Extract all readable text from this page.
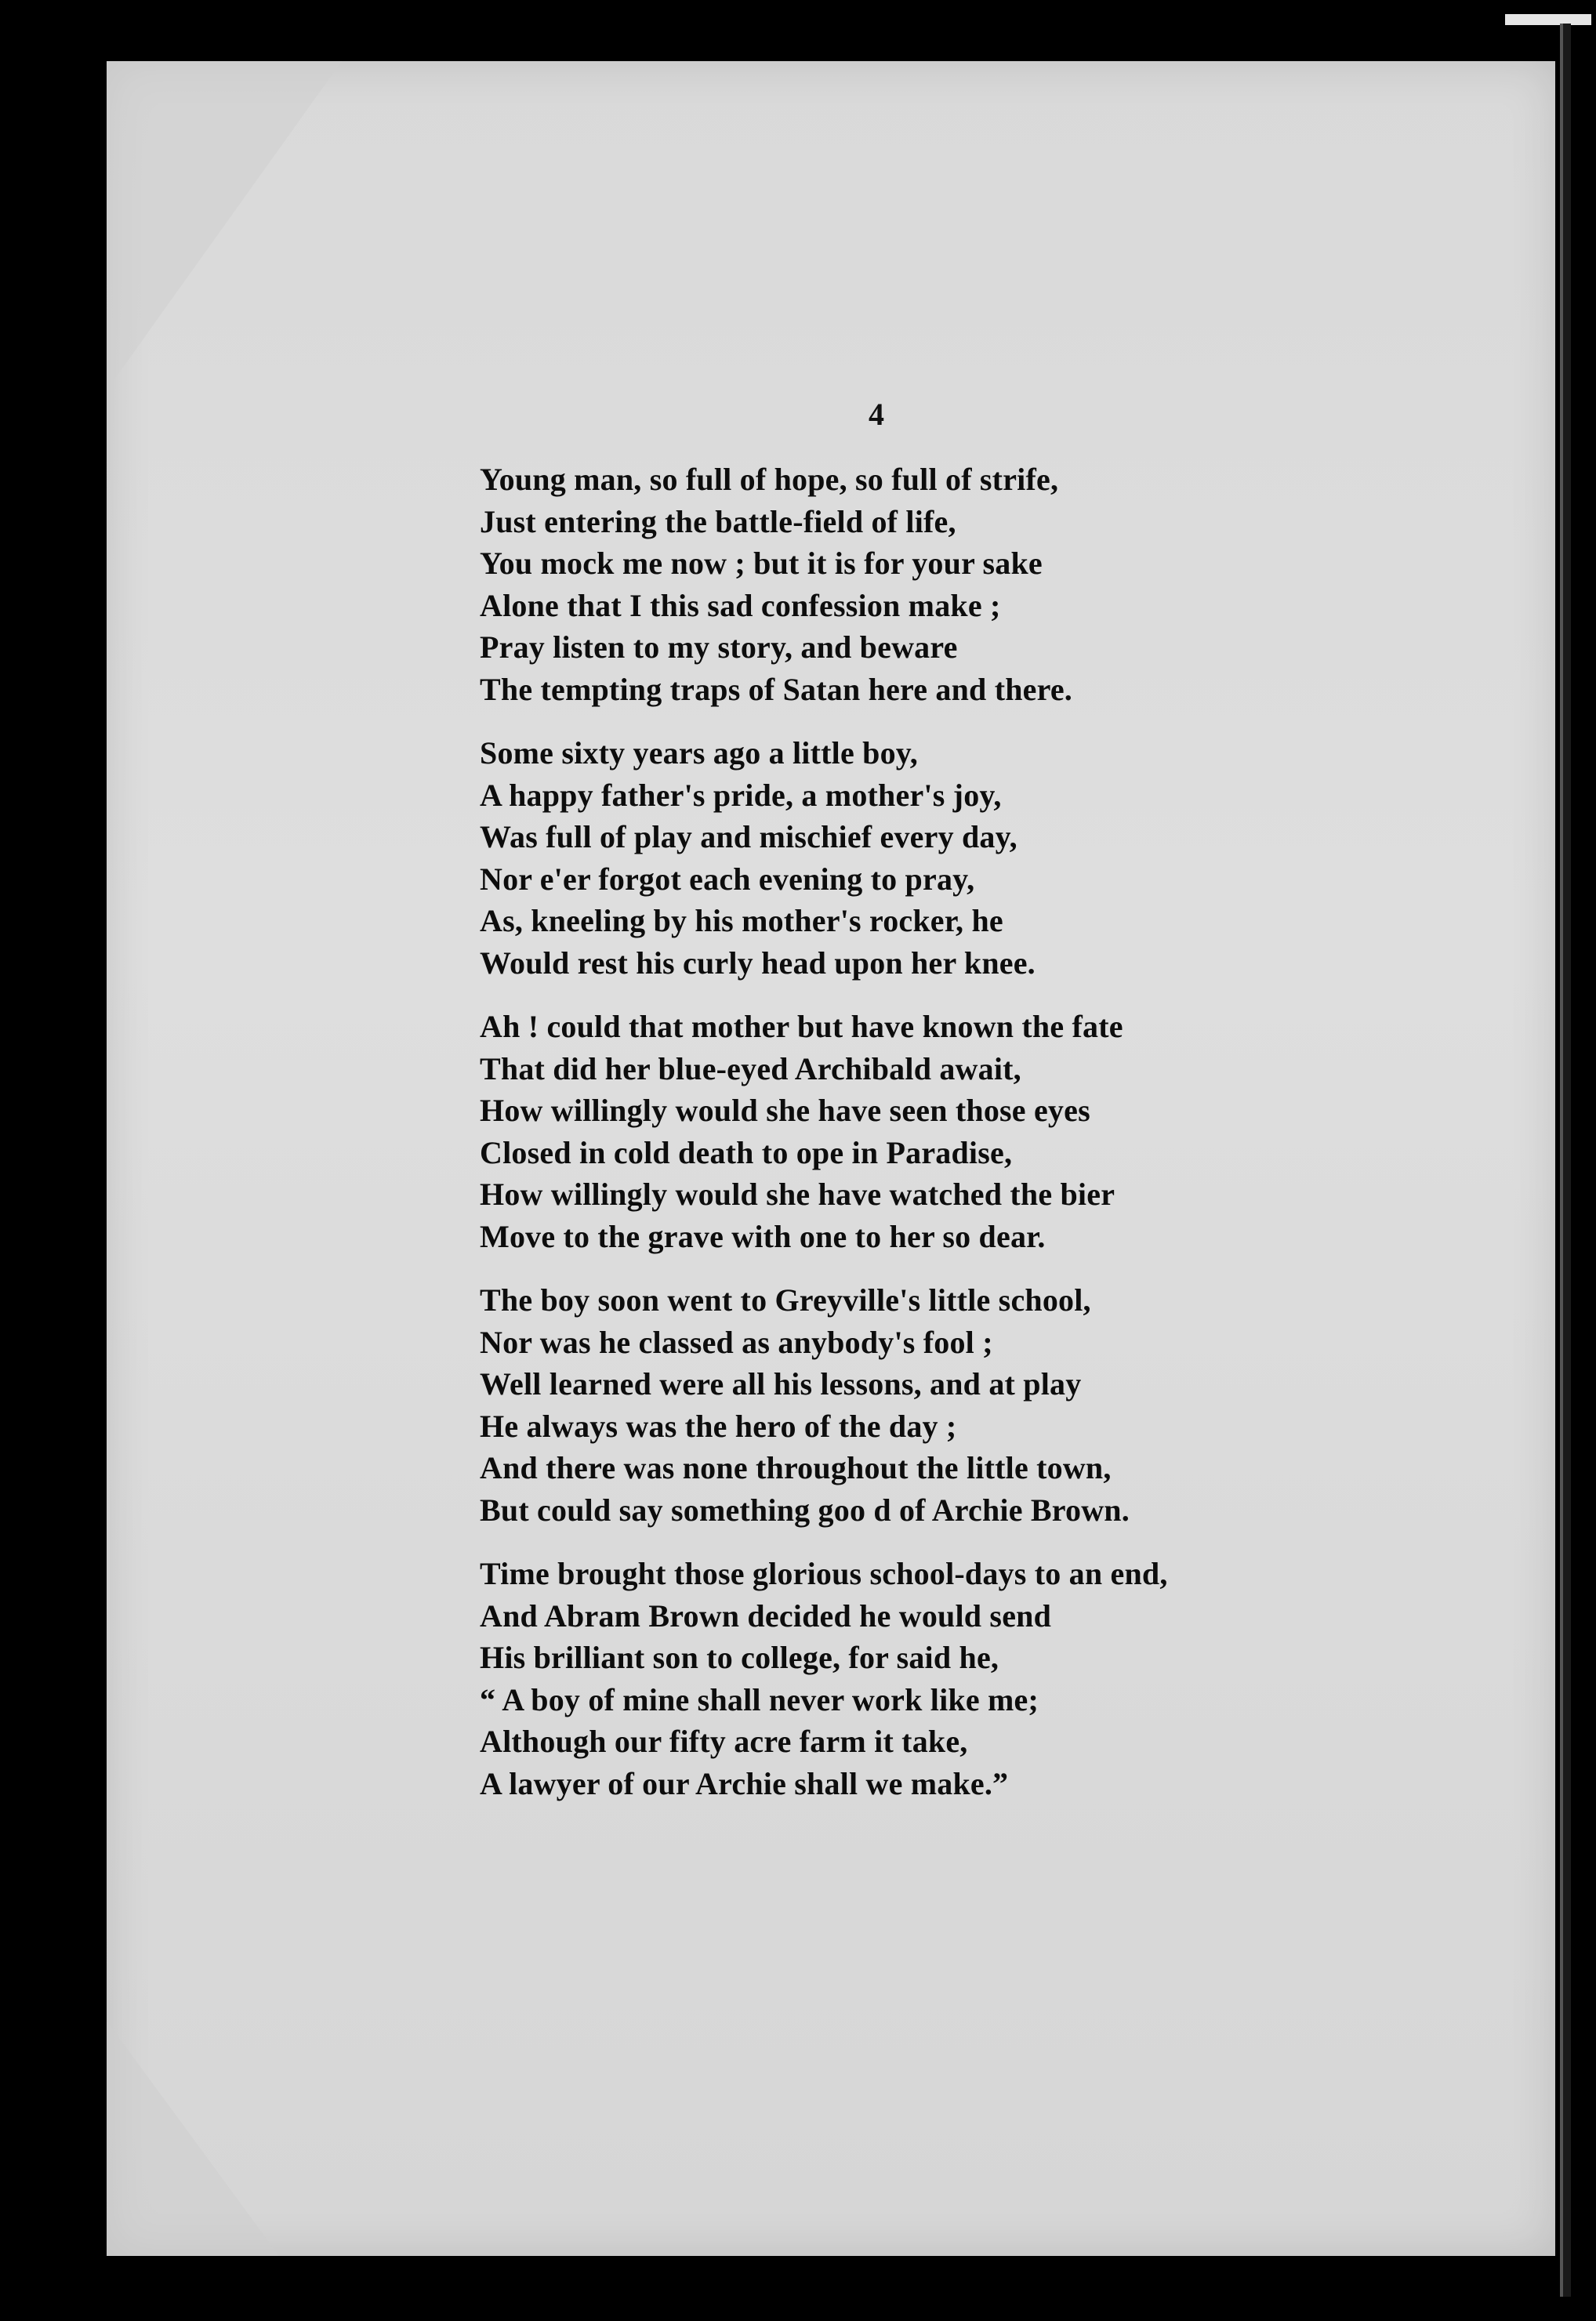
4
Young man, so full of hope, so full of strife,
Just entering the battle-field of life,
You mock me now ; but it is for your sake
Alone that I this sad confession make ;
Pray listen to my story, and beware
The tempting traps of Satan here and there.
Some sixty years ago a little boy,
A happy father's pride, a mother's joy,
Was full of play and mischief every day,
Nor e'er forgot each evening to pray,
As, kneeling by his mother's rocker, he
Would rest his curly head upon her knee.
Ah ! could that mother but have known the fate
That did her blue-eyed Archibald await,
How willingly would she have seen those eyes
Closed in cold death to ope in Paradise,
How willingly would she have watched the bier
Move to the grave with one to her so dear.
The boy soon went to Greyville's little school,
Nor was he classed as anybody's fool ;
Well learned were all his lessons, and at play
He always was the hero of the day ;
And there was none throughout the little town,
But could say something goo d of Archie Brown.
Time brought those glorious school-days to an end,
And Abram Brown decided he would send
His brilliant son to college, for said he,
“ A boy of mine shall never work like me;
Although our fifty acre farm it take,
A lawyer of our Archie shall we make.”
